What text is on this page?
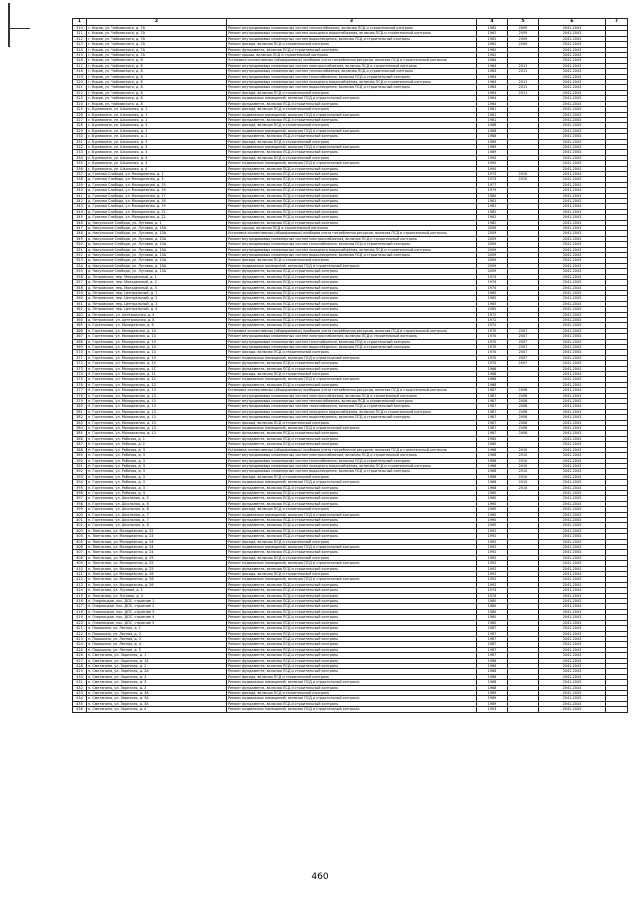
1	2	3	4	5	6	7
310	г. Киров, ул. Чайковского, д. 7А	Ремонт внутридомовых инженерных систем теплоснабжения, включая ПСД и строительный контроль	1962	2009	2041-2043	
311	г. Киров, ул. Чайковского, д. 7А	Ремонт внутридомовых инженерных систем холодного водоснабжения, включая ПСД и строительный контроль	1962	2009	2041-2043	
312	г. Киров, ул. Чайковского, д. 7А	Ремонт внутридомовых инженерных систем водоотведения, включая ПСД и строительный контроль	1962	2009	2041-2043	
313	г. Киров, ул. Чайковского, д. 7А	Ремонт фасада, включая ПСД и строительный контроль	1962	2009	2041-2043	
314	г. Киров, ул. Чайковского, д. 7А	Ремонт фундамента, включая ПСД и строительный контроль	1962		2041-2043	
315	г. Киров, ул. Чайковского, д. 7А	Ремонт крыши, включая ПСД и строительный контроль	1962		2041-2043	
316	г. Киров, ул. Чайковского, д. 8	Установка коллективных (общедомовых) приборов учета потребления ресурсов, включая ПСД и строительный контроль	1964		2041-2043	
317	г. Киров, ул. Чайковского, д. 8	Ремонт внутридомовых инженерных систем электроснабжения, включая ПСД и строительный контроль	1964	2011	2041-2043	
318	г. Киров, ул. Чайковского, д. 8	Ремонт внутридомовых инженерных систем теплоснабжения, включая ПСД и строительный контроль	1964	2011	2041-2043	
319	г. Киров, ул. Чайковского, д. 8	Ремонт внутридомовых инженерных систем газоснабжения, включая ПСД и строительный контроль	1964		2041-2043	
320	г. Киров, ул. Чайковского, д. 8	Ремонт внутридомовых инженерных систем холодного водоснабжения, включая ПСД и строительный контроль	1964	2011	2041-2043	
321	г. Киров, ул. Чайковского, д. 8	Ремонт внутридомовых инженерных систем водоотведения, включая ПСД и строительный контроль	1964	2011	2041-2043	
322	г. Киров, ул. Чайковского, д. 8	Ремонт фасада, включая ПСД и строительный контроль	1964	2011	2041-2043	
323	г. Киров, ул. Чайковского, д. 8	Ремонт подвальных помещений, включая ПСД и строительный контроль	1964		2041-2043	
324	г. Киров, ул. Чайковского, д. 8	Ремонт фундамента, включая ПСД и строительный контроль	1964		2041-2043	
325	с. Бурмакино, ул. Школьная, д. 1	Ремонт фасада, включая ПСД и строительный контроль	1981		2041-2043	
326	с. Бурмакино, ул. Школьная, д. 1	Ремонт подвальных помещений, включая ПСД и строительный контроль	1981		2041-2043	
327	с. Бурмакино, ул. Школьная, д. 1	Ремонт фундамента, включая ПСД и строительный контроль	1981		2041-2043	
328	с. Бурмакино, ул. Школьная, д. 2	Ремонт фасада, включая ПСД и строительный контроль	1988		2041-2043	
329	с. Бурмакино, ул. Школьная, д. 2	Ремонт подвальных помещений, включая ПСД и строительный контроль	1988		2041-2043	
330	с. Бурмакино, ул. Школьная, д. 2	Ремонт фундамента, включая ПСД и строительный контроль	1988		2041-2043	
331	с. Бурмакино, ул. Школьная, д. 3	Ремонт фасада, включая ПСД и строительный контроль	1989		2041-2043	
332	с. Бурмакино, ул. Школьная, д. 3	Ремонт подвальных помещений, включая ПСД и строительный контроль	1989		2041-2043	
333	с. Бурмакино, ул. Школьная, д. 3	Ремонт фундамента, включая ПСД и строительный контроль	1989		2041-2043	
334	с. Бурмакино, ул. Школьная, д. 4	Ремонт фасада, включая ПСД и строительный контроль	1990		2041-2043	
335	с. Бурмакино, ул. Школьная, д. 4	Ремонт подвальных помещений, включая ПСД и строительный контроль	1990		2041-2043	
336	с. Бурмакино, ул. Школьная, д. 4	Ремонт фундамента, включая ПСД и строительный контроль	1990		2041-2043	
337	д. Грязная Слобода, ул. Молодежная, д. 1	Ремонт фундамента, включая ПСД и строительный контроль	1973	2010	2041-2043	
338	д. Грязная Слобода, ул. Молодежная, д. 3	Ремонт фундамента, включая ПСД и строительный контроль	1973	2010	2041-2043	
339	д. Грязная Слобода, ул. Молодежная, д. 15	Ремонт фундамента, включая ПСД и строительный контроль	1977		2041-2043	
340	д. Грязная Слобода, ул. Молодежная, д. 16	Ремонт фундамента, включая ПСД и строительный контроль	1979		2041-2043	
341	д. Грязная Слобода, ул. Молодежная, д. 17	Ремонт фундамента, включая ПСД и строительный контроль	1980		2041-2043	
342	д. Грязная Слобода, ул. Молодежная, д. 18	Ремонт фундамента, включая ПСД и строительный контроль	1981		2041-2043	
343	д. Грязная Слобода, ул. Молодежная, д. 19	Ремонт фундамента, включая ПСД и строительный контроль	1982		2041-2043	
344	д. Грязная Слобода, ул. Молодежная, д. 21	Ремонт фундамента, включая ПСД и строительный контроль	1982		2041-2043	
345	д. Грязная Слобода, ул. Молодежная, д. 22	Ремонт фундамента, включая ПСД и строительный контроль	1982		2041-2043	
346	д. Никульское Слобода, ул. Луговая, д. 1	Ремонт фундамента, включая ПСД и строительный контроль	1982		2041-2043	
347	д. Никульское Слобода, ул. Луговая, д. 15А	Ремонт крыши, включая ПСД и строительный контроль	2009		2041-2043	
348	д. Никульское Слобода, ул. Луговая, д. 15А	Установка коллективных (общедомовых) приборов учета потребления ресурсов, включая ПСД и строительный контроль	2009		2041-2043	
349	д. Никульское Слобода, ул. Луговая, д. 15А	Ремонт внутридомовых инженерных систем электроснабжения, включая ПСД и строительный контроль	2009		2041-2043	
350	д. Никульское Слобода, ул. Луговая, д. 15А	Ремонт внутридомовых инженерных систем газоснабжения, включая ПСД и строительный контроль	2009		2041-2043	
351	д. Никульское Слобода, ул. Луговая, д. 15А	Ремонт внутридомовых инженерных систем холодного водоснабжения, включая ПСД и строительный контроль	2009		2041-2043	
352	д. Никульское Слобода, ул. Луговая, д. 15А	Ремонт внутридомовых инженерных систем водоотведения, включая ПСД и строительный контроль	2009		2041-2043	
353	д. Никульское Слобода, ул. Луговая, д. 15А	Ремонт фасада, включая ПСД и строительный контроль	2009		2041-2043	
354	д. Никульское Слобода, ул. Луговая, д. 15А	Ремонт подвальных помещений, включая ПСД и строительный контроль	2009		2041-2043	
355	д. Никульское Слобода, ул. Луговая, д. 15А	Ремонт фундамента, включая ПСД и строительный контроль	2009		2041-2043	
356	д. Петровское, пер. Молодежный, д. 1	Ремонт фундамента, включая ПСД и строительный контроль	1974		2041-2043	
357	д. Петровское, пер. Молодежный, д. 2	Ремонт фундамента, включая ПСД и строительный контроль	1974		2041-2043	
358	д. Петровское, пер. Молодежный, д. 3	Ремонт фундамента, включая ПСД и строительный контроль	1974		2041-2043	
359	д. Петровское, пер. Центральный, д. 1	Ремонт фундамента, включая ПСД и строительный контроль	1985		2041-2043	
360	д. Петровское, пер. Центральный, д. 2	Ремонт фундамента, включая ПСД и строительный контроль	1985		2041-2043	
361	д. Петровское, пер. Центральный, д. 3	Ремонт фундамента, включая ПСД и строительный контроль	1985		2041-2043	
362	д. Петровское, пер. Центральный, д. 4	Ремонт фундамента, включая ПСД и строительный контроль	1985		2041-2043	
363	д. Петровское, ул. Центральная, д. 4	Ремонт фундамента, включая ПСД и строительный контроль	1972		2041-2043	
364	д. Петровское, ул. Центральная, д. 8	Ремонт фундамента, включая ПСД и строительный контроль	1972		2041-2043	
365	п. Гортеплово, ул. Молодежная, д. 6	Ремонт фундамента, включая ПСД и строительный контроль	1972		2041-2043	
366	п. Гортеплово, ул. Молодежная, д. 10	Установка коллективных (общедомовых) приборов учета потребления ресурсов, включая ПСД и строительный контроль	1970	2007	2041-2043	
367	п. Гортеплово, ул. Молодежная, д. 10	Ремонт внутридомовых инженерных систем электроснабжения, включая ПСД и строительный контроль	1970	2007	2041-2043	
368	п. Гортеплово, ул. Молодежная, д. 10	Ремонт внутридомовых инженерных систем газоснабжения, включая ПСД и строительный контроль	1970	2007	2041-2043	
369	п. Гортеплово, ул. Молодежная, д. 10	Ремонт внутридомовых инженерных систем водоотведения, включая ПСД и строительный контроль	1970	2007	2041-2043	
370	п. Гортеплово, ул. Молодежная, д. 10	Ремонт фасада, включая ПСД и строительный контроль	1970	2007	2041-2043	
371	п. Гортеплово, ул. Молодежная, д. 10	Ремонт подвальных помещений, включая ПСД и строительный контроль	1970	2007	2041-2043	
372	п. Гортеплово, ул. Молодежная, д. 10	Ремонт фундамента, включая ПСД и строительный контроль	1970	2007	2041-2043	
373	п. Гортеплово, ул. Молодежная, д. 11	Ремонт фундамента, включая ПСД и строительный контроль	1966		2041-2043	
374	п. Гортеплово, ул. Молодежная, д. 11	Ремонт фасада, включая ПСД и строительный контроль	1966		2041-2043	
375	п. Гортеплово, ул. Молодежная, д. 12	Ремонт подвальных помещений, включая ПСД и строительный контроль	1966		2041-2043	
376	п. Гортеплово, ул. Молодежная, д. 12	Ремонт фундамента, включая ПСД и строительный контроль	1966		2041-2043	
377	п. Гортеплово, ул. Молодежная, д. 13	Установка коллективных (общедомовых) приборов учета потребления ресурсов, включая ПСД и строительный контроль	1987	2008	2041-2043	
378	п. Гортеплово, ул. Молодежная, д. 13	Ремонт внутридомовых инженерных систем электроснабжения, включая ПСД и строительный контроль	1987	2008	2041-2043	
379	п. Гортеплово, ул. Молодежная, д. 13	Ремонт внутридомовых инженерных систем теплоснабжения, включая ПСД и строительный контроль	1987	2008	2041-2043	
380	п. Гортеплово, ул. Молодежная, д. 13	Ремонт внутридомовых инженерных систем газоснабжения, включая ПСД и строительный контроль	1987	2008	2041-2043	
381	п. Гортеплово, ул. Молодежная, д. 13	Ремонт внутридомовых инженерных систем холодного водоснабжения, включая ПСД и строительный контроль	1987	2008	2041-2043	
382	п. Гортеплово, ул. Молодежная, д. 13	Ремонт внутридомовых инженерных систем водоотведения, включая ПСД и строительный контроль	1987	2008	2041-2043	
383	п. Гортеплово, ул. Молодежная, д. 13	Ремонт фасада, включая ПСД и строительный контроль	1987	2008	2041-2043	
384	п. Гортеплово, ул. Молодежная, д. 13	Ремонт подвальных помещений, включая ПСД и строительный контроль	1987	2008	2041-2043	
385	п. Гортеплово, ул. Молодежная, д. 13	Ремонт фундамента, включая ПСД и строительный контроль	1987	2008	2041-2043	
386	п. Гортеплово, ул. Рабочая, д. 1	Ремонт фундамента, включая ПСД и строительный контроль	1960		2041-2043	
387	п. Гортеплово, ул. Рабочая, д. 2	Ремонт фундамента, включая ПСД и строительный контроль	1960		2041-2043	
388	п. Гортеплово, ул. Рабочая, д. 3	Установка коллективных (общедомовых) приборов учета потребления ресурсов, включая ПСД и строительный контроль	1968	2010	2041-2043	
389	п. Гортеплово, ул. Рабочая, д. 3	Ремонт внутридомовых инженерных систем электроснабжения, включая ПСД и строительный контроль	1968	2010	2041-2043	
390	п. Гортеплово, ул. Рабочая, д. 3	Ремонт внутридомовых инженерных систем газоснабжения, включая ПСД и строительный контроль	1968	2010	2041-2043	
391	п. Гортеплово, ул. Рабочая, д. 3	Ремонт внутридомовых инженерных систем холодного водоснабжения, включая ПСД и строительный контроль	1968	2010	2041-2043	
392	п. Гортеплово, ул. Рабочая, д. 3	Ремонт внутридомовых инженерных систем водоотведения, включая ПСД и строительный контроль	1968	2010	2041-2043	
393	п. Гортеплово, ул. Рабочая, д. 3	Ремонт фасада, включая ПСД и строительный контроль	1968	2010	2041-2043	
394	п. Гортеплово, ул. Рабочая, д. 3	Ремонт подвальных помещений, включая ПСД и строительный контроль	1968	2010	2041-2043	
395	п. Гортеплово, ул. Рабочая, д. 3	Ремонт фундамента, включая ПСД и строительный контроль	1968	2010	2041-2043	
396	п. Гортеплово, ул. Рабочая, д. 4	Ремонт фундамента, включая ПСД и строительный контроль	1960		2041-2043	
397	п. Гортеплово, ул. Школьная, д. 5	Ремонт фундамента, включая ПСД и строительный контроль	1960		2041-2043	
398	п. Гортеплово, ул. Школьная, д. 6	Ремонт фундамента, включая ПСД и строительный контроль	1960		2041-2043	
399	п. Гортеплово, ул. Школьная, д. 6	Ремонт фасада, включая ПСД и строительный контроль	1960		2041-2043	
400	п. Гортеплово, ул. Школьная, д. 7	Ремонт подвальных помещений, включая ПСД и строительный контроль	1960		2041-2043	
401	п. Гортеплово, ул. Школьная, д. 7	Ремонт фундамента, включая ПСД и строительный контроль	1960		2041-2043	
402	п. Гортеплово, ул. Школьная, д. 8	Ремонт фундамента, включая ПСД и строительный контроль	1960		2041-2043	
403	п. Лянгасово, ул. Молодежная, д. 22	Ремонт фундамента, включая ПСД и строительный контроль	1992		2041-2043	
404	п. Лянгасово, ул. Молодежная, д. 23	Ремонт фундамента, включая ПСД и строительный контроль	1992		2041-2043	
405	п. Лянгасово, ул. Молодежная, д. 24	Ремонт фасада, включая ПСД и строительный контроль	1992		2041-2043	
406	п. Лянгасово, ул. Молодежная, д. 24	Ремонт подвальных помещений, включая ПСД и строительный контроль	1992		2041-2043	
407	п. Лянгасово, ул. Молодежная, д. 24	Ремонт фундамента, включая ПСД и строительный контроль	1992		2041-2043	
408	п. Лянгасово, ул. Молодежная, д. 25	Ремонт фасада, включая ПСД и строительный контроль	1992		2041-2043	
409	п. Лянгасово, ул. Молодежная, д. 25	Ремонт подвальных помещений, включая ПСД и строительный контроль	1992		2041-2043	
410	п. Лянгасово, ул. Молодежная, д. 25	Ремонт фундамента, включая ПСД и строительный контроль	1992		2041-2043	
411	п. Лянгасово, ул. Молодежная, д. 26	Ремонт фасада, включая ПСД и строительный контроль	1992		2041-2043	
412	п. Лянгасово, ул. Молодежная, д. 26	Ремонт подвальных помещений, включая ПСД и строительный контроль	1992		2041-2043	
413	п. Лянгасово, ул. Молодежная, д. 26	Ремонт фундамента, включая ПСД и строительный контроль	1992		2041-2043	
414	п. Лянгасово, ул. Луговая, д. 1	Ремонт фундамента, включая ПСД и строительный контроль	1974		2041-2043	
415	п. Лянгасово, ул. Луговая, д. 3	Ремонт фундамента, включая ПСД и строительный контроль	1974		2041-2043	
416	п. Озерницкое, пос. ДОС, строение 1	Ремонт фундамента, включая ПСД и строительный контроль	1980		2041-2043	
417	п. Озерницкое, пос. ДОС, строение 2	Ремонт фундамента, включая ПСД и строительный контроль	1980		2041-2043	
418	п. Озерницкое, пос. ДОС, строение 3	Ремонт фундамента, включая ПСД и строительный контроль	1980		2041-2043	
419	п. Озерницкое, пос. ДОС, строение 4	Ремонт фундамента, включая ПСД и строительный контроль	1980		2041-2043	
420	п. Озерницкое, пос. ДОС, строение 5	Ремонт фундамента, включая ПСД и строительный контроль	1980		2041-2043	
421	п. Порошино, ул. Лесная, д. 1	Ремонт фундамента, включая ПСД и строительный контроль	1987		2041-2043	
422	п. Порошино, ул. Лесная, д. 2	Ремонт фундамента, включая ПСД и строительный контроль	1987		2041-2043	
423	п. Порошино, ул. Лесная, д. 3	Ремонт фундамента, включая ПСД и строительный контроль	1987		2041-2043	
424	п. Порошино, ул. Лесная, д. 4	Ремонт фундамента, включая ПСД и строительный контроль	1987		2041-2043	
425	п. Порошино, ул. Лесная, д. 5	Ремонт фундамента, включая ПСД и строительный контроль	1987		2041-2043	
426	п. Сметанино, ул. Заречная, д. 1	Ремонт фундамента, включая ПСД и строительный контроль	1987		2041-2043	
427	п. Сметанино, ул. Заречная, д. 1А	Ремонт фундамента, включая ПСД и строительный контроль	1988		2041-2043	
428	п. Сметанино, ул. Заречная, д. 2	Ремонт фундамента, включая ПСД и строительный контроль	1988		2041-2043	
429	п. Сметанино, ул. Заречная, д. 2А	Ремонт фундамента, включая ПСД и строительный контроль	1988		2041-2043	
430	п. Сметанино, ул. Заречная, д. 3	Ремонт фасада, включая ПСД и строительный контроль	1988		2041-2043	
431	п. Сметанино, ул. Заречная, д. 3	Ремонт подвальных помещений, включая ПСД и строительный контроль	1988		2041-2043	
432	п. Сметанино, ул. Заречная, д. 3	Ремонт фундамента, включая ПСД и строительный контроль	1988		2041-2043	
433	п. Сметанино, ул. Заречная, д. 3А	Ремонт фасада, включая ПСД и строительный контроль	1989		2041-2043	
434	п. Сметанино, ул. Заречная, д. 3А	Ремонт подвальных помещений, включая ПСД и строительный контроль	1989		2041-2043	
435	п. Сметанино, ул. Заречная, д. 3А	Ремонт фундамента, включая ПСД и строительный контроль	1989		2041-2043	
436	п. Сметанино, ул. Заречная, д. 4	Ремонт подвальных помещений, включая ПСД и строительный контроль	1993		2041-2043	
460
